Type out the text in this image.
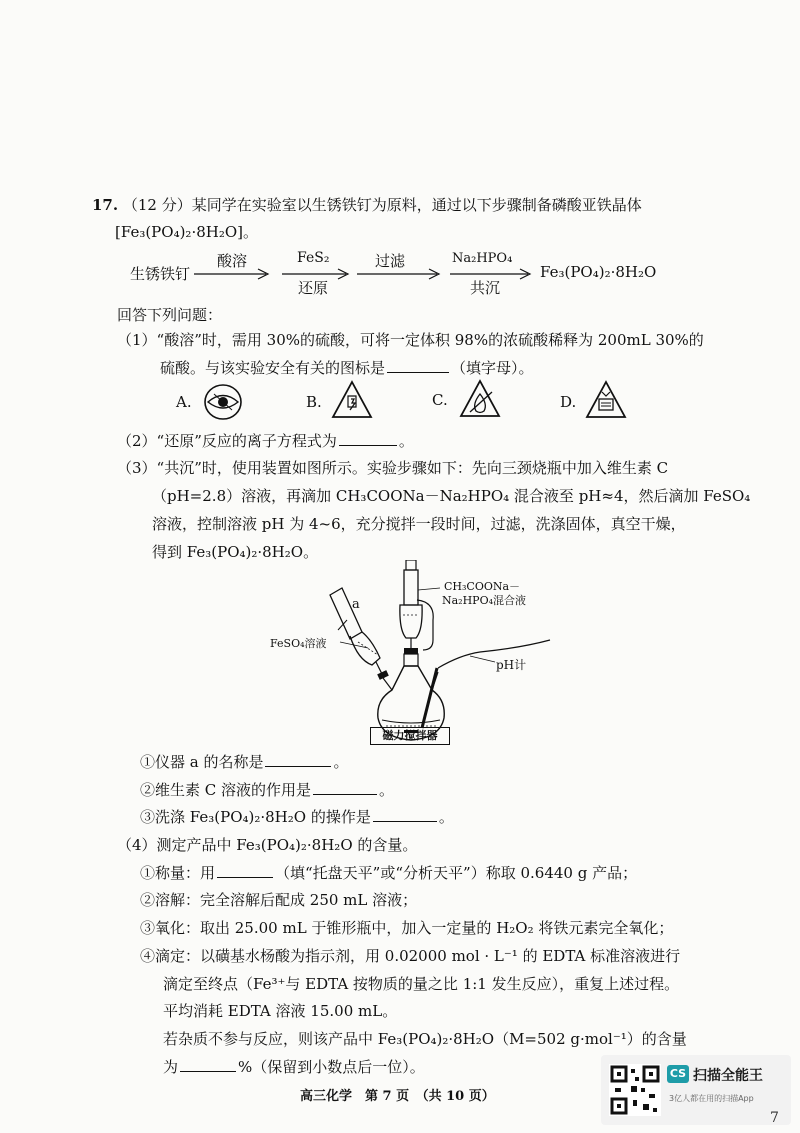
17. （12 分）某同学在实验室以生锈铁钉为原料，通过以下步骤制备磷酸亚铁晶体
[Fe₃(PO₄)₂·8H₂O]。
生锈铁钉
酸溶	FeS₂
还原
过滤	Na₂HPO₄
共沉
Fe₃(PO₄)₂·8H₂O
回答下列问题：
（1）“酸溶”时，需用 30%的硫酸，可将一定体积 98%的浓硫酸稀释为 200mL 30%的
硫酸。与该实验安全有关的图标是	（填字母）。
A.	B.	C.	D.
（2）“还原”反应的离子方程式为	。
（3）“共沉”时，使用装置如图所示。实验步骤如下：先向三颈烧瓶中加入维生素 C
（pH=2.8）溶液，再滴加 CH₃COONa－Na₂HPO₄ 混合液至 pH≈4，然后滴加 FeSO₄
溶液，控制溶液 pH 为 4~6，充分搅拌一段时间，过滤，洗涤固体，真空干燥，
得到 Fe₃(PO₄)₂·8H₂O。
a
CH₃COONa－
Na₂HPO₄混合液
FeSO₄溶液
pH计
磁力搅拌器
①仪器 a 的名称是	。
②维生素 C 溶液的作用是	。
③洗涤 Fe₃(PO₄)₂·8H₂O 的操作是	。
（4）测定产品中 Fe₃(PO₄)₂·8H₂O 的含量。
①称量：用	（填“托盘天平”或“分析天平”）称取 0.6440 g 产品；
②溶解：完全溶解后配成 250 mL 溶液；
③氧化：取出 25.00 mL 于锥形瓶中，加入一定量的 H₂O₂ 将铁元素完全氧化；
④滴定：以磺基水杨酸为指示剂，用 0.02000 mol · L⁻¹ 的 EDTA 标准溶液进行
滴定至终点（Fe³⁺与 EDTA 按物质的量之比 1:1 发生反应），重复上述过程。
平均消耗 EDTA 溶液 15.00 mL。
若杂质不参与反应，则该产品中 Fe₃(PO₄)₂·8H₂O（M=502 g·mol⁻¹）的含量
为	%（保留到小数点后一位）。
高三化学　第 7 页　（共 10 页）
CS 扫描全能王
3亿人都在用的扫描App
7
